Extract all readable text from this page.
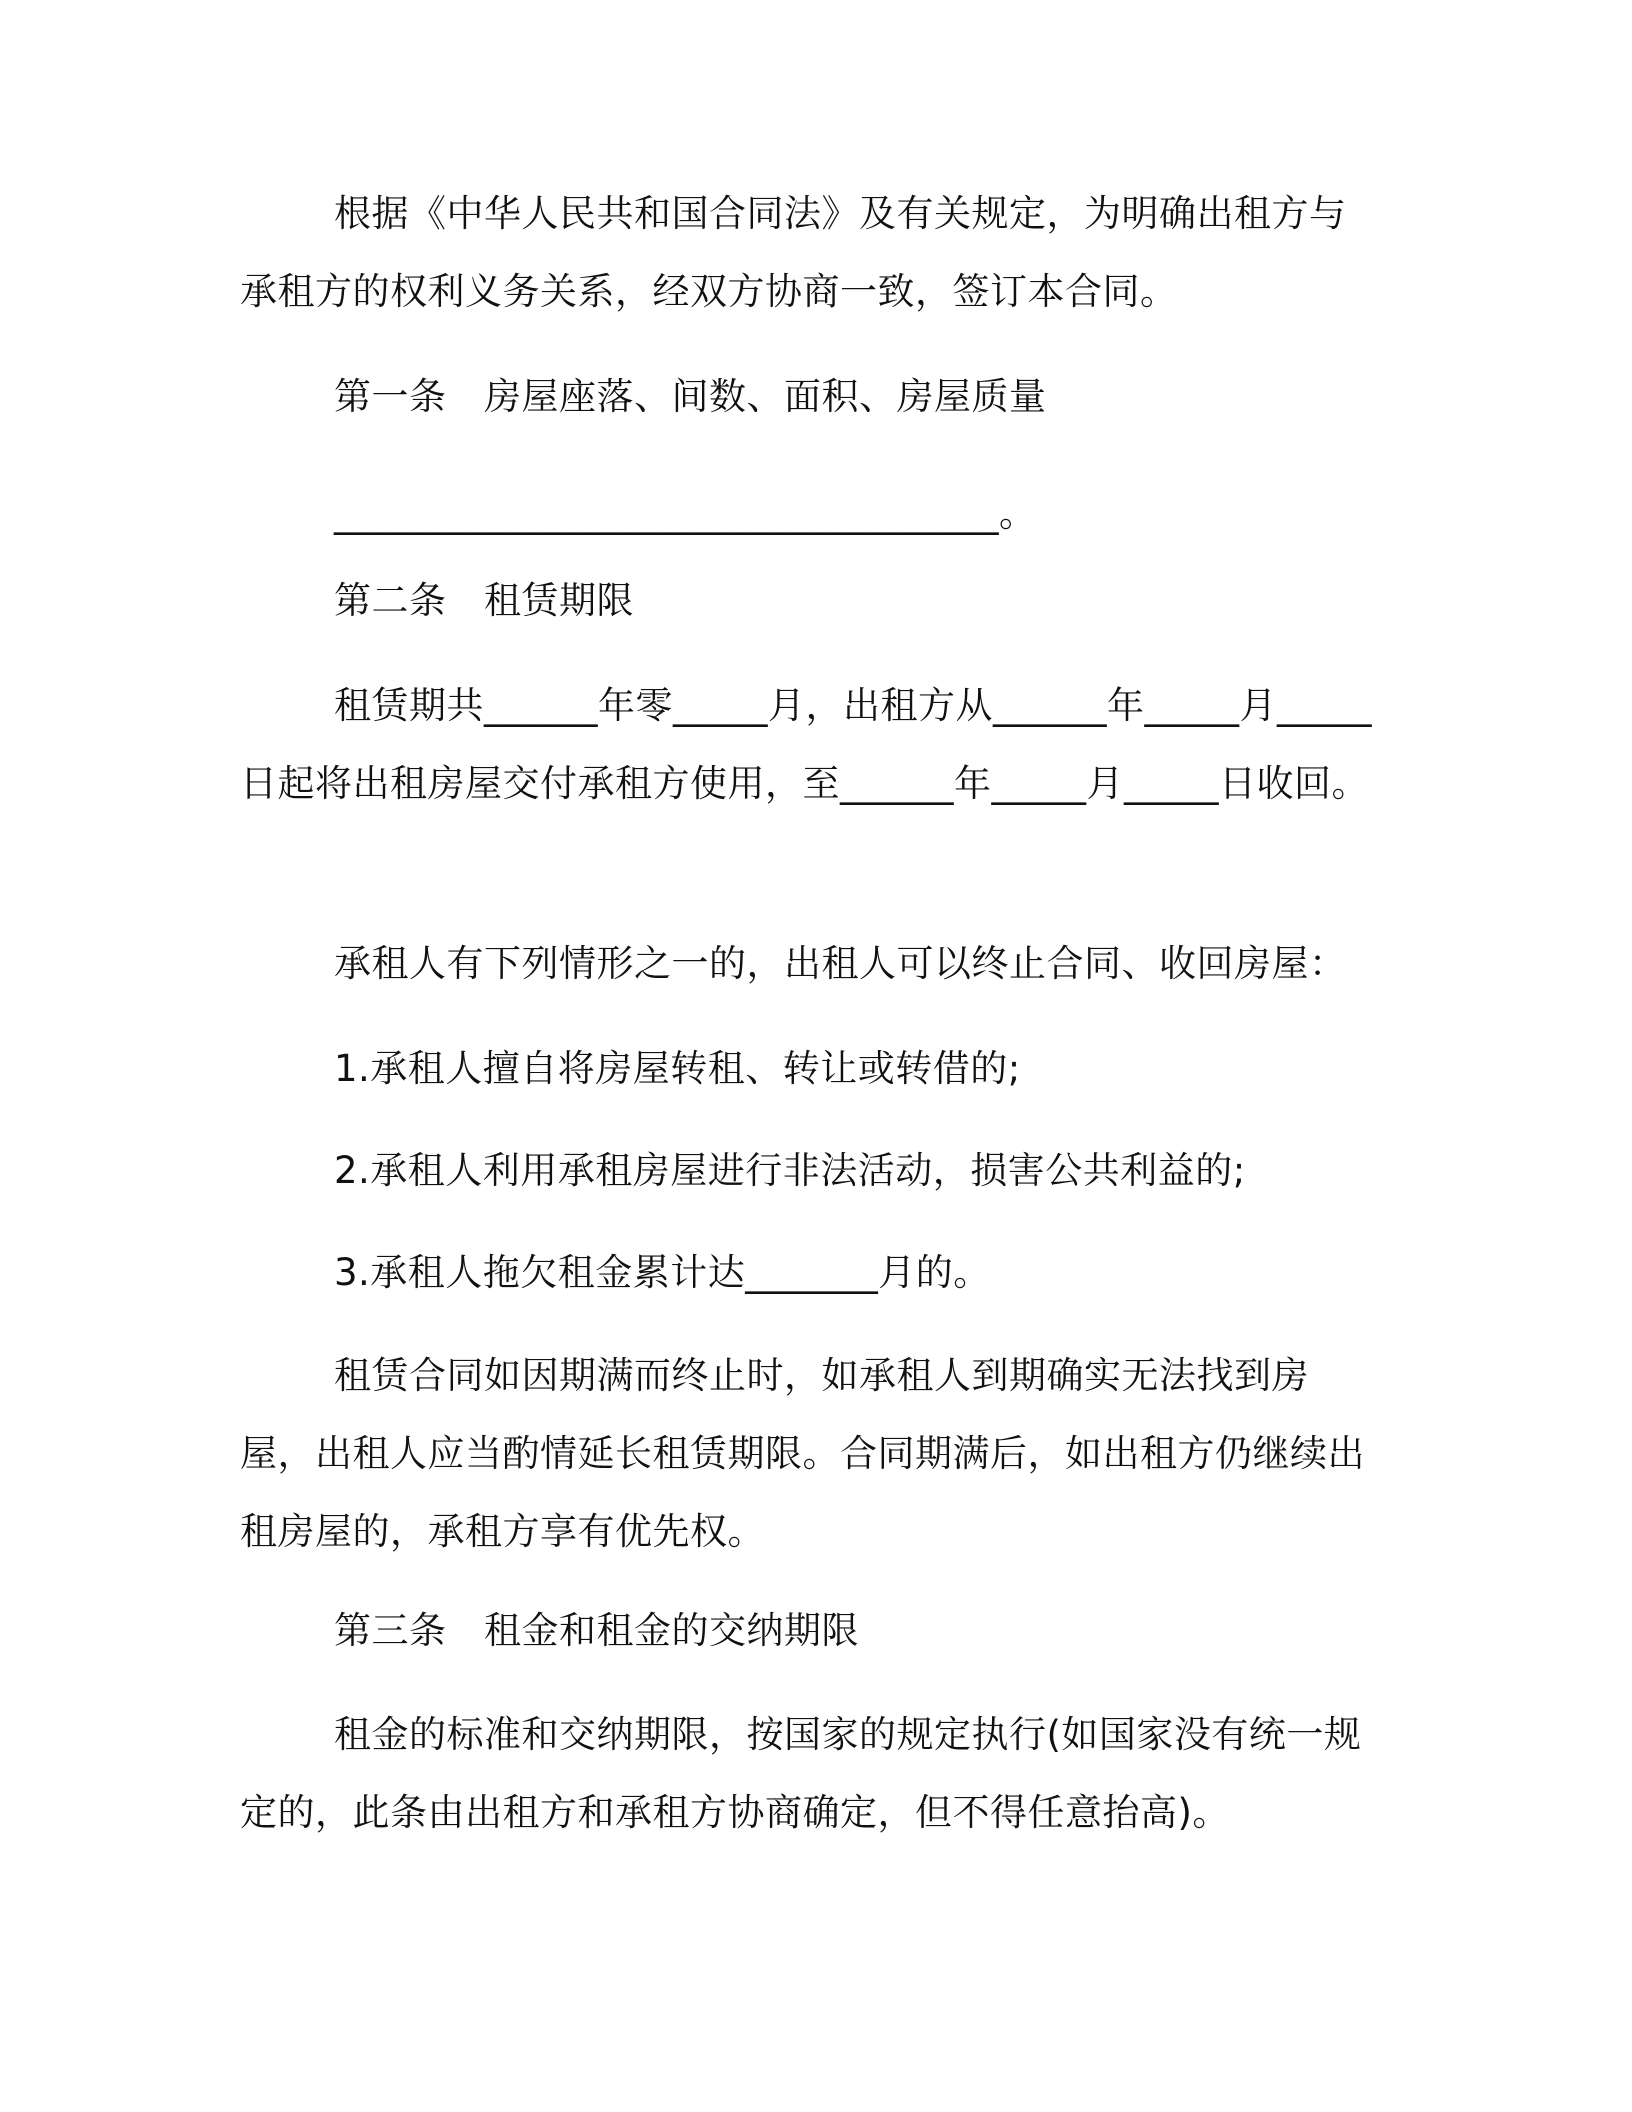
根据《中华人民共和国合同法》及有关规定，为明确出租方与承租方的权利义务关系，经双方协商一致，签订本合同。

第一条　房屋座落、间数、面积、房屋质量

___________________________________。

第二条　租赁期限

租赁期共______年零_____月，出租方从______年_____月_____日起将出租房屋交付承租方使用，至______年_____月_____日收回。

承租人有下列情形之一的，出租人可以终止合同、收回房屋：

1.承租人擅自将房屋转租、转让或转借的;

2.承租人利用承租房屋进行非法活动，损害公共利益的;

3.承租人拖欠租金累计达_______月的。

租赁合同如因期满而终止时，如承租人到期确实无法找到房屋，出租人应当酌情延长租赁期限。合同期满后，如出租方仍继续出租房屋的，承租方享有优先权。

第三条　租金和租金的交纳期限

租金的标准和交纳期限，按国家的规定执行(如国家没有统一规定的，此条由出租方和承租方协商确定，但不得任意抬高)。
